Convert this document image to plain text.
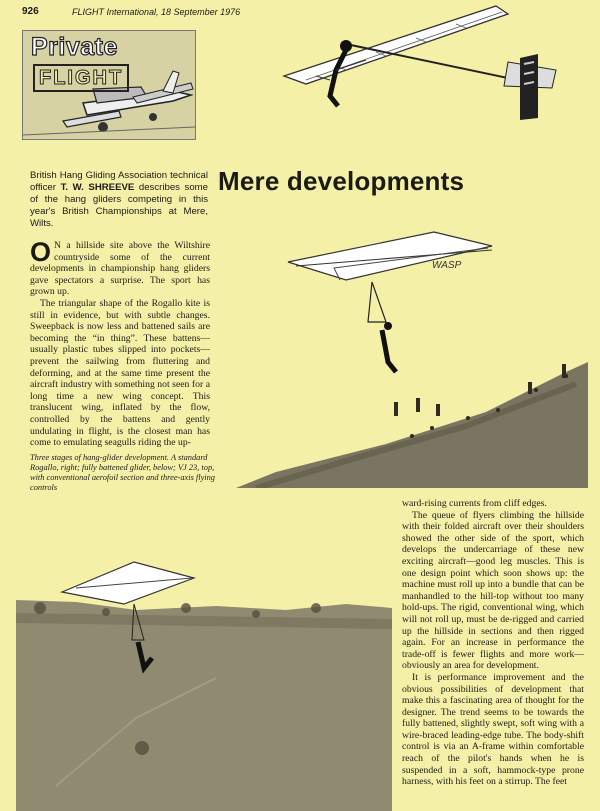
926	FLIGHT International, 18 September 1976
Private
FLIGHT
British Hang Gliding Association technical officer T. W. SHREEVE describes some of the hang gliders competing in this year's British Championships at Mere, Wilts.
Mere developments
WASP

O N a hillside site above the Wiltshire countryside some of the current developments in championship hang gliders gave spectators a surprise. The sport has grown up.

The triangular shape of the Rogallo kite is still in evidence, but with subtle changes. Sweepback is now less and battened sails are becoming the “in thing”. These battens—usually plastic tubes slipped into pockets—prevent the sailwing from fluttering and deforming, and at the same time present the aircraft industry with something not seen for a long time a new wing concept. This translucent wing, inflated by the flow, controlled by the battens and gently undulating in flight, is the closest man has come to emulating seagulls riding the up-

Three stages of hang-glider development. A standard Rogallo, right; fully battened glider, below; VJ 23, top, with conventional aerofoil section and three-axis flying controls

ward-rising currents from cliff edges.

The queue of flyers climbing the hillside with their folded aircraft over their shoulders showed the other side of the sport, which develops the undercarriage of these new exciting aircraft—good leg muscles. This is one design point which soon shows up: the machine must roll up into a bundle that can be manhandled to the hill-top without too many hold-ups. The rigid, conventional wing, which will not roll up, must be de-rigged and carried up the hillside in sections and then rigged again. For an increase in performance the trade-off is fewer flights and more work—obviously an area for development.

It is performance improvement and the obvious possibilities of development that make this a fascinating area of thought for the designer. The trend seems to be towards the fully battened, slightly swept, soft wing with a wire-braced leading-edge tube. The body-shift control is via an A-frame within comfortable reach of the pilot's hands when he is suspended in a soft, hammock-type prone harness, with his feet on a stirrup. The feet
